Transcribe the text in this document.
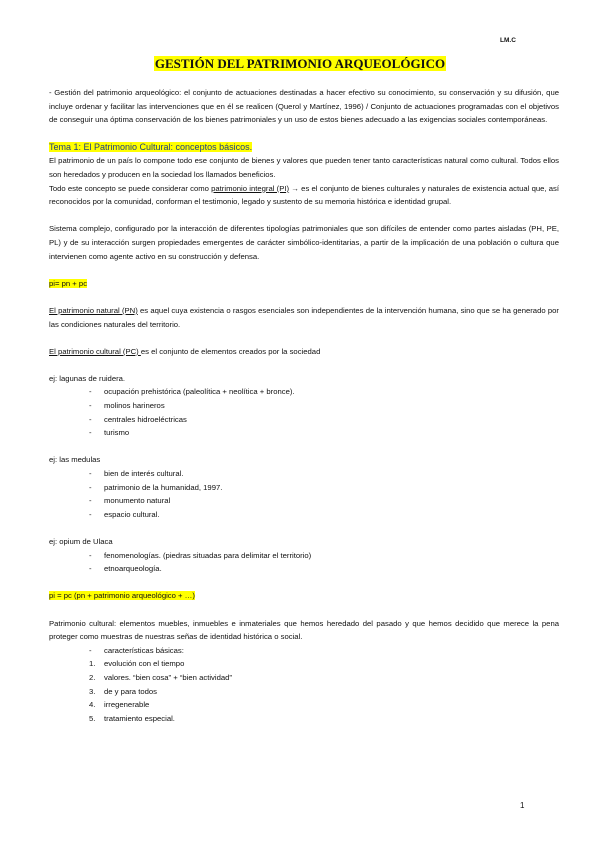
LM.C
GESTIÓN DEL PATRIMONIO ARQUEOLÓGICO

- Gestión del patrimonio arqueológico: el conjunto de actuaciones destinadas a hacer efectivo su conocimiento, su conservación y su difusión, que incluye ordenar y facilitar las intervenciones que en él se realicen (Querol y Martínez, 1996) / Conjunto de actuaciones programadas con el objetivos de conseguir una óptima conservación de los bienes patrimoniales y un uso de estos bienes adecuado a las exigencias sociales contemporáneas.

Tema 1: El Patrimonio Cultural: conceptos básicos.

El patrimonio de un país lo compone todo ese conjunto de bienes y valores que pueden tener tanto características natural como cultural. Todos ellos son heredados y producen en la sociedad los llamados beneficios.

Todo este concepto se puede considerar como patrimonio integral (PI) → es el conjunto de bienes culturales y naturales de existencia actual que, así reconocidos por la comunidad, conforman el testimonio, legado y sustento de su memoria histórica e identidad grupal.

Sistema complejo, configurado por la interacción de diferentes tipologías patrimoniales que son difíciles de entender como partes aisladas (PH, PE, PL) y de su interacción surgen propiedades emergentes de carácter simbólico-identitarias, a partir de la implicación de una población o cultura que intervienen como agente activo en su construcción y defensa.

pi= pn + pc

El patrimonio natural (PN) es aquel cuya existencia o rasgos esenciales son independientes de la intervención humana, sino que se ha generado por las condiciones naturales del territorio.

El patrimonio cultural (PC) es el conjunto de elementos creados por la sociedad

ej: lagunas de ruidera.

- ocupación prehistórica (paleolítica + neolítica + bronce).
- molinos harineros
- centrales hidroeléctricas
- turismo

ej: las medulas

- bien de interés cultural.
- patrimonio de la humanidad, 1997.
- monumento natural
- espacio cultural.

ej: opium de Ulaca

- fenomenologías. (piedras situadas para delimitar el territorio)
- etnoarqueología.

pi = pc (pn + patrimonio arqueológico + …)

Patrimonio cultural: elementos muebles, inmuebles e inmateriales que hemos heredado del pasado y que hemos decidido que merece la pena proteger como muestras de nuestras señas de identidad histórica o social.

- características básicas:
1. evolución con el tiempo
2. valores. “bien cosa” + “bien actividad”
3. de y para todos
4. irregenerable
5. tratamiento especial.
1
